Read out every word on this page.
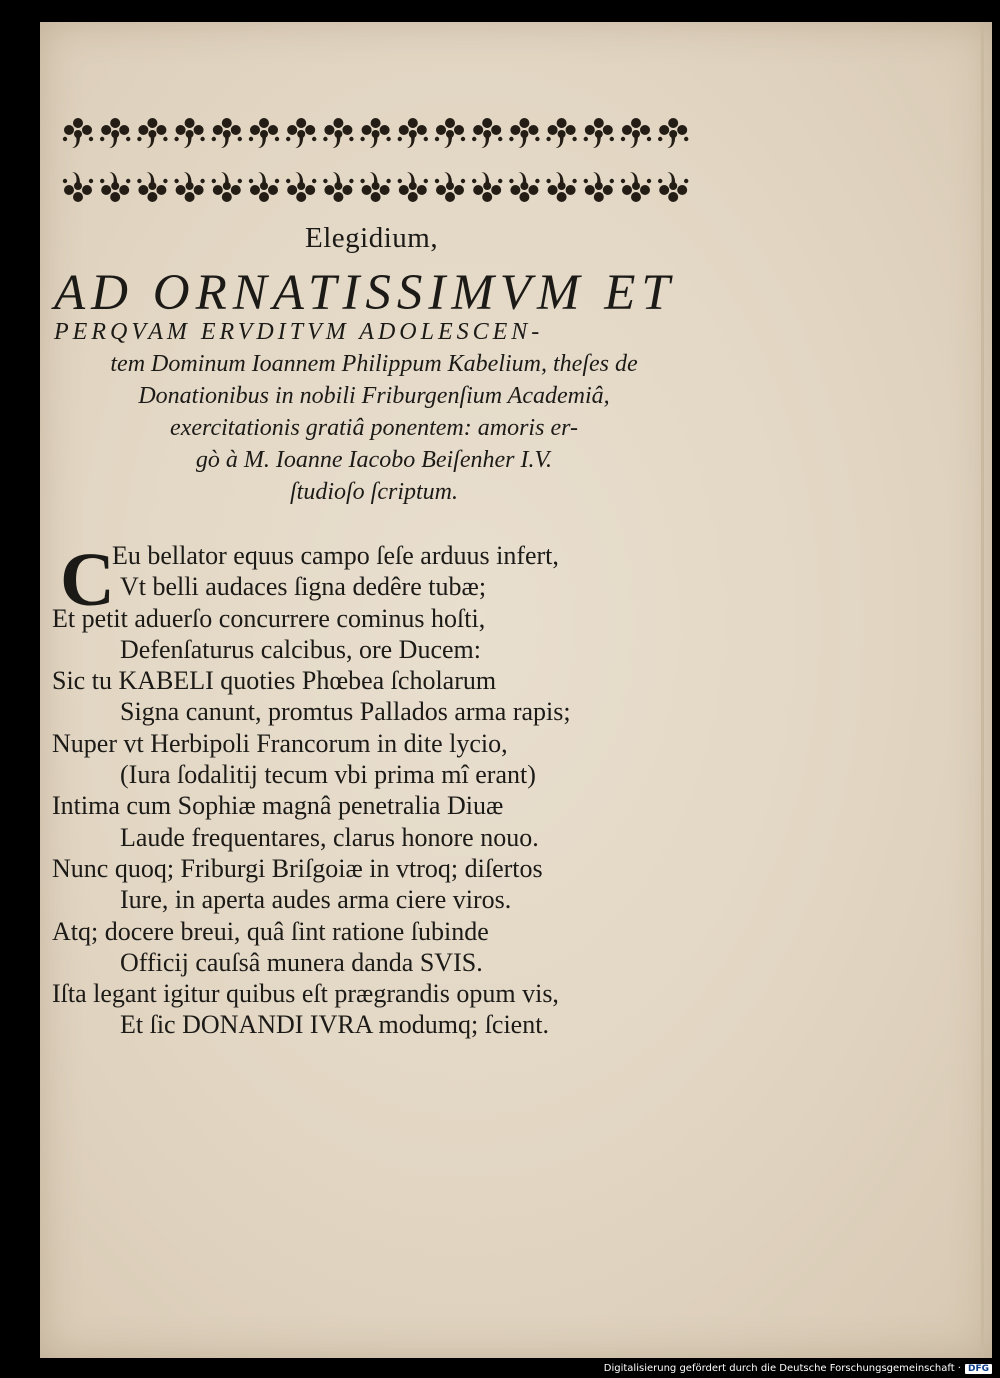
Elegidium,
AD ORNATISSIMVM ET
PERQVAM ERVDITVM ADOLESCEN-
tem Dominum Ioannem Philippum Kabelium, theſes de
Donationibus in nobili Friburgenſium Academiâ,
exercitationis gratiâ ponentem: amoris er-
gò à M. Ioanne Iacobo Beiſenher I.V.
ſtudioſo ſcriptum.
C
Eu bellator equus campo ſeſe arduus infert,
Vt belli audaces ſigna dedêre tubæ;
Et petit aduerſo concurrere cominus hoſti,
Defenſaturus calcibus, ore Ducem:
Sic tu KABELI quoties Phœbea ſcholarum
Signa canunt, promtus Pallados arma rapis;
Nuper vt Herbipoli Francorum in dite lycio,
(Iura ſodalitij tecum vbi prima mî erant)
Intima cum Sophiæ magnâ penetralia Diuæ
Laude frequentares, clarus honore nouo.
Nunc quoq; Friburgi Briſgoiæ in vtroq; diſertos
Iure, in aperta audes arma ciere viros.
Atq; docere breui, quâ ſint ratione ſubinde
Officij cauſsâ munera danda SVIS.
Iſta legant igitur quibus eſt prægrandis opum vis,
Et ſic DONANDI IVRA modumq; ſcient.
Digitalisierung gefördert durch die Deutsche Forschungsgemeinschaft · DFG
